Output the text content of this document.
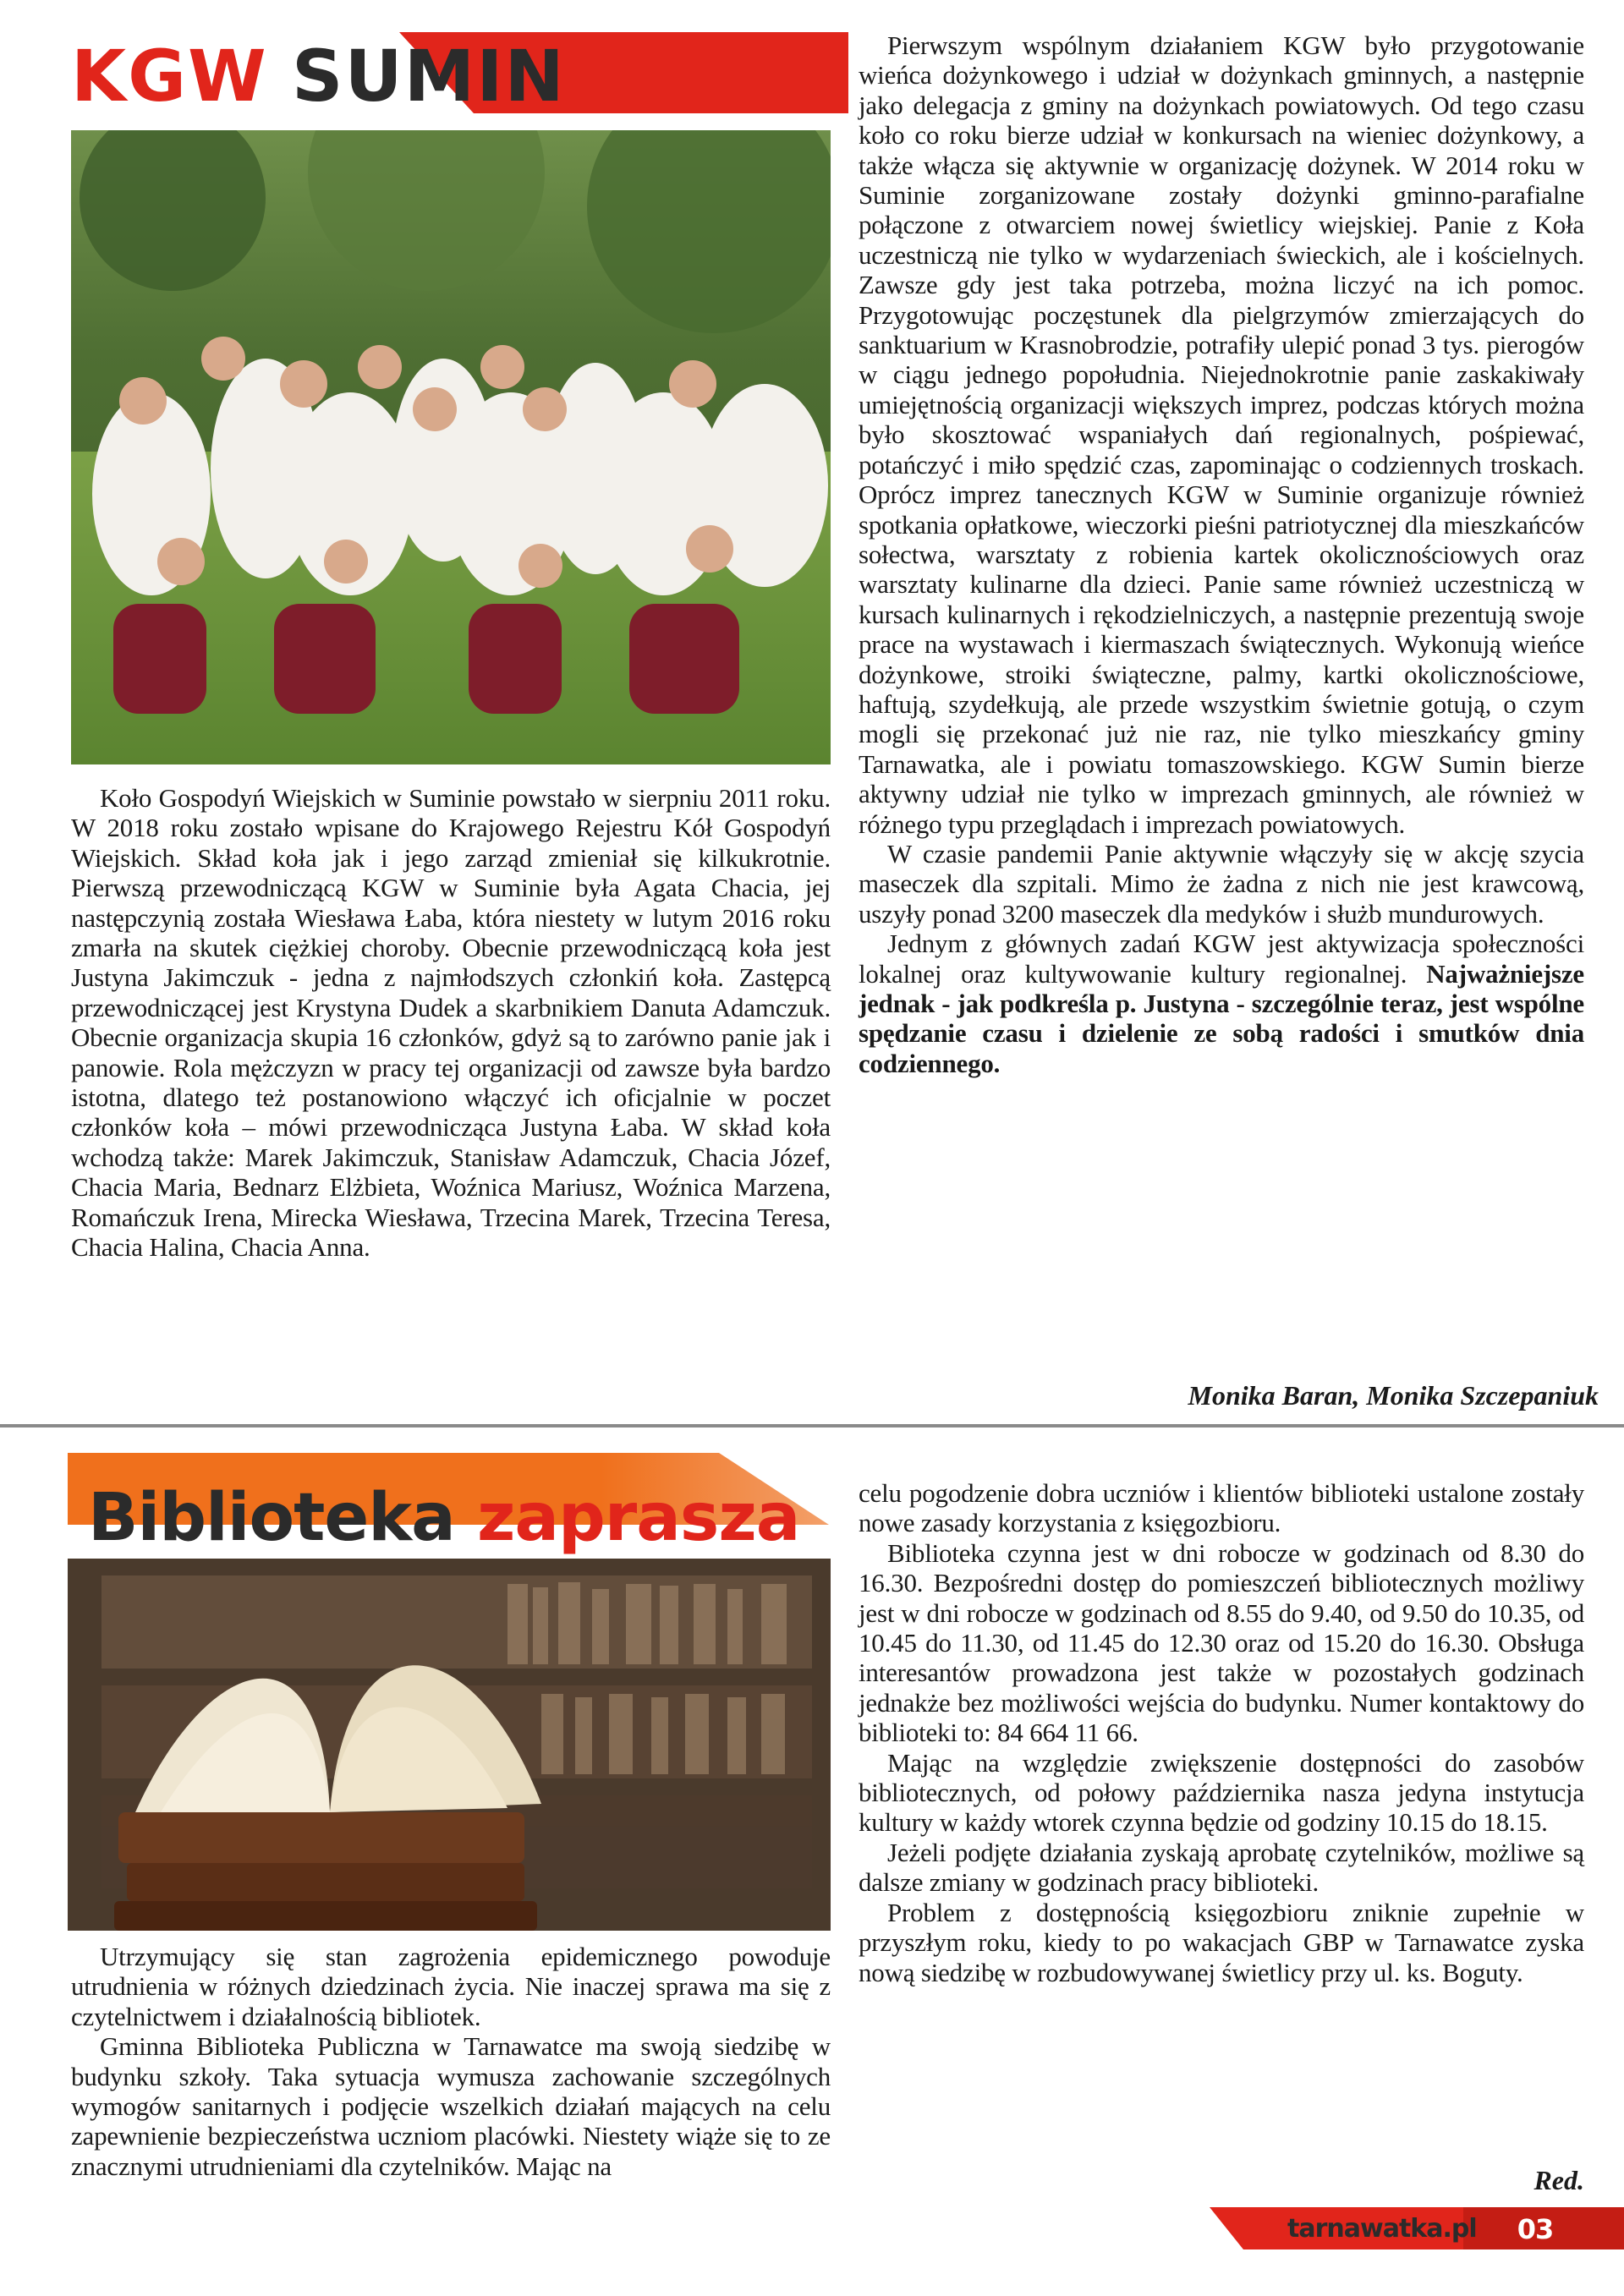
KGW SUMIN

Koło Gospodyń Wiejskich w Suminie powstało w sierpniu 2011 roku. W 2018 roku zostało wpisane do Krajowego Rejestru Kół Gospodyń Wiejskich. Skład koła jak i jego zarząd zmieniał się kilkukrotnie. Pierwszą przewodniczącą KGW w Suminie była Agata Chacia, jej następczynią została Wiesława Łaba, która niestety w lutym 2016 roku zmarła na skutek ciężkiej choroby. Obecnie przewodniczącą koła jest Justyna Jakimczuk - jedna z najmłodszych członkiń koła. Zastępcą przewodniczącej jest Krystyna Dudek a skarbnikiem Danuta Adamczuk. Obecnie organizacja skupia 16 członków, gdyż są to zarówno panie jak i panowie. Rola mężczyzn w pracy tej organizacji od zawsze była bardzo istotna, dlatego też postanowiono włączyć ich oficjalnie w poczet członków koła – mówi przewodnicząca Justyna Łaba. W skład koła wchodzą także: Marek Jakimczuk, Stanisław Adamczuk, Chacia Józef, Chacia Maria, Bednarz Elżbieta, Woźnica Mariusz, Woźnica Marzena, Romańczuk Irena, Mirecka Wiesława, Trzecina Marek, Trzecina Teresa, Chacia Halina, Chacia Anna.

Pierwszym wspólnym działaniem KGW było przygotowanie wieńca dożynkowego i udział w dożynkach gminnych, a następnie jako delegacja z gminy na dożynkach powiatowych. Od tego czasu koło co roku bierze udział w konkursach na wieniec dożynkowy, a także włącza się aktywnie w organizację dożynek. W 2014 roku w Suminie zorganizowane zostały dożynki gminno-parafialne połączone z otwarciem nowej świetlicy wiejskiej. Panie z Koła uczestniczą nie tylko w wydarzeniach świeckich, ale i kościelnych. Zawsze gdy jest taka potrzeba, można liczyć na ich pomoc. Przygotowując poczęstunek dla pielgrzymów zmierzających do sanktuarium w Krasnobrodzie, potrafiły ulepić ponad 3 tys. pierogów w ciągu jednego popołudnia. Niejednokrotnie panie zaskakiwały umiejętnością organizacji większych imprez, podczas których można było skosztować wspaniałych dań regionalnych, pośpiewać, potańczyć i miło spędzić czas, zapominając o codziennych troskach. Oprócz imprez tanecznych KGW w Suminie organizuje również spotkania opłatkowe, wieczorki pieśni patriotycznej dla mieszkańców sołectwa, warsztaty z robienia kartek okolicznościowych oraz warsztaty kulinarne dla dzieci. Panie same również uczestniczą w kursach kulinarnych i rękodzielniczych, a następnie prezentują swoje prace na wystawach i kiermaszach świątecznych. Wykonują wieńce dożynkowe, stroiki świąteczne, palmy, kartki okolicznościowe, haftują, szydełkują, ale przede wszystkim świetnie gotują, o czym mogli się przekonać już nie raz, nie tylko mieszkańcy gminy Tarnawatka, ale i powiatu tomaszowskiego. KGW Sumin bierze aktywny udział nie tylko w imprezach gminnych, ale również w różnego typu przeglądach i imprezach powiatowych.

W czasie pandemii Panie aktywnie włączyły się w akcję szycia maseczek dla szpitali. Mimo że żadna z nich nie jest krawcową, uszyły ponad 3200 maseczek dla medyków i służb mundurowych.

Jednym z głównych zadań KGW jest aktywizacja społeczności lokalnej oraz kultywowanie kultury regionalnej. Najważniejsze jednak - jak podkreśla p. Justyna - szczególnie teraz, jest wspólne spędzanie czasu i dzielenie ze sobą radości i smutków dnia codziennego.

Monika Baran, Monika Szczepaniuk
Biblioteka zaprasza

Utrzymujący się stan zagrożenia epidemicznego powoduje utrudnienia w różnych dziedzinach życia. Nie inaczej sprawa ma się z czytelnictwem i działalnością bibliotek.

Gminna Biblioteka Publiczna w Tarnawatce ma swoją siedzibę w budynku szkoły. Taka sytuacja wymusza zachowanie szczególnych wymogów sanitarnych i podjęcie wszelkich działań mających na celu zapewnienie bezpieczeństwa uczniom placówki. Niestety wiąże się to ze znacznymi utrudnieniami dla czytelników. Mając na

celu pogodzenie dobra uczniów i klientów biblioteki ustalone zostały nowe zasady korzystania z księgozbioru.

Biblioteka czynna jest w dni robocze w godzinach od 8.30 do 16.30. Bezpośredni dostęp do pomieszczeń bibliotecznych możliwy jest w dni robocze w godzinach od 8.55 do 9.40, od 9.50 do 10.35, od 10.45 do 11.30, od 11.45 do 12.30 oraz od 15.20 do 16.30. Obsługa interesantów prowadzona jest także w pozostałych godzinach jednakże bez możliwości wejścia do budynku. Numer kontaktowy do biblioteki to: 84 664 11 66.

Mając na względzie zwiększenie dostępności do zasobów bibliotecznych, od połowy października nasza jedyna instytucja kultury w każdy wtorek czynna będzie od godziny 10.15 do 18.15.

Jeżeli podjęte działania zyskają aprobatę czytelników, możliwe są dalsze zmiany w godzinach pracy biblioteki.

Problem z dostępnością księgozbioru zniknie zupełnie w przyszłym roku, kiedy to po wakacjach GBP w Tarnawatce zyska nową siedzibę w rozbudowywanej świetlicy przy ul. ks. Boguty.

Red.
tarnawatka.pl	03
